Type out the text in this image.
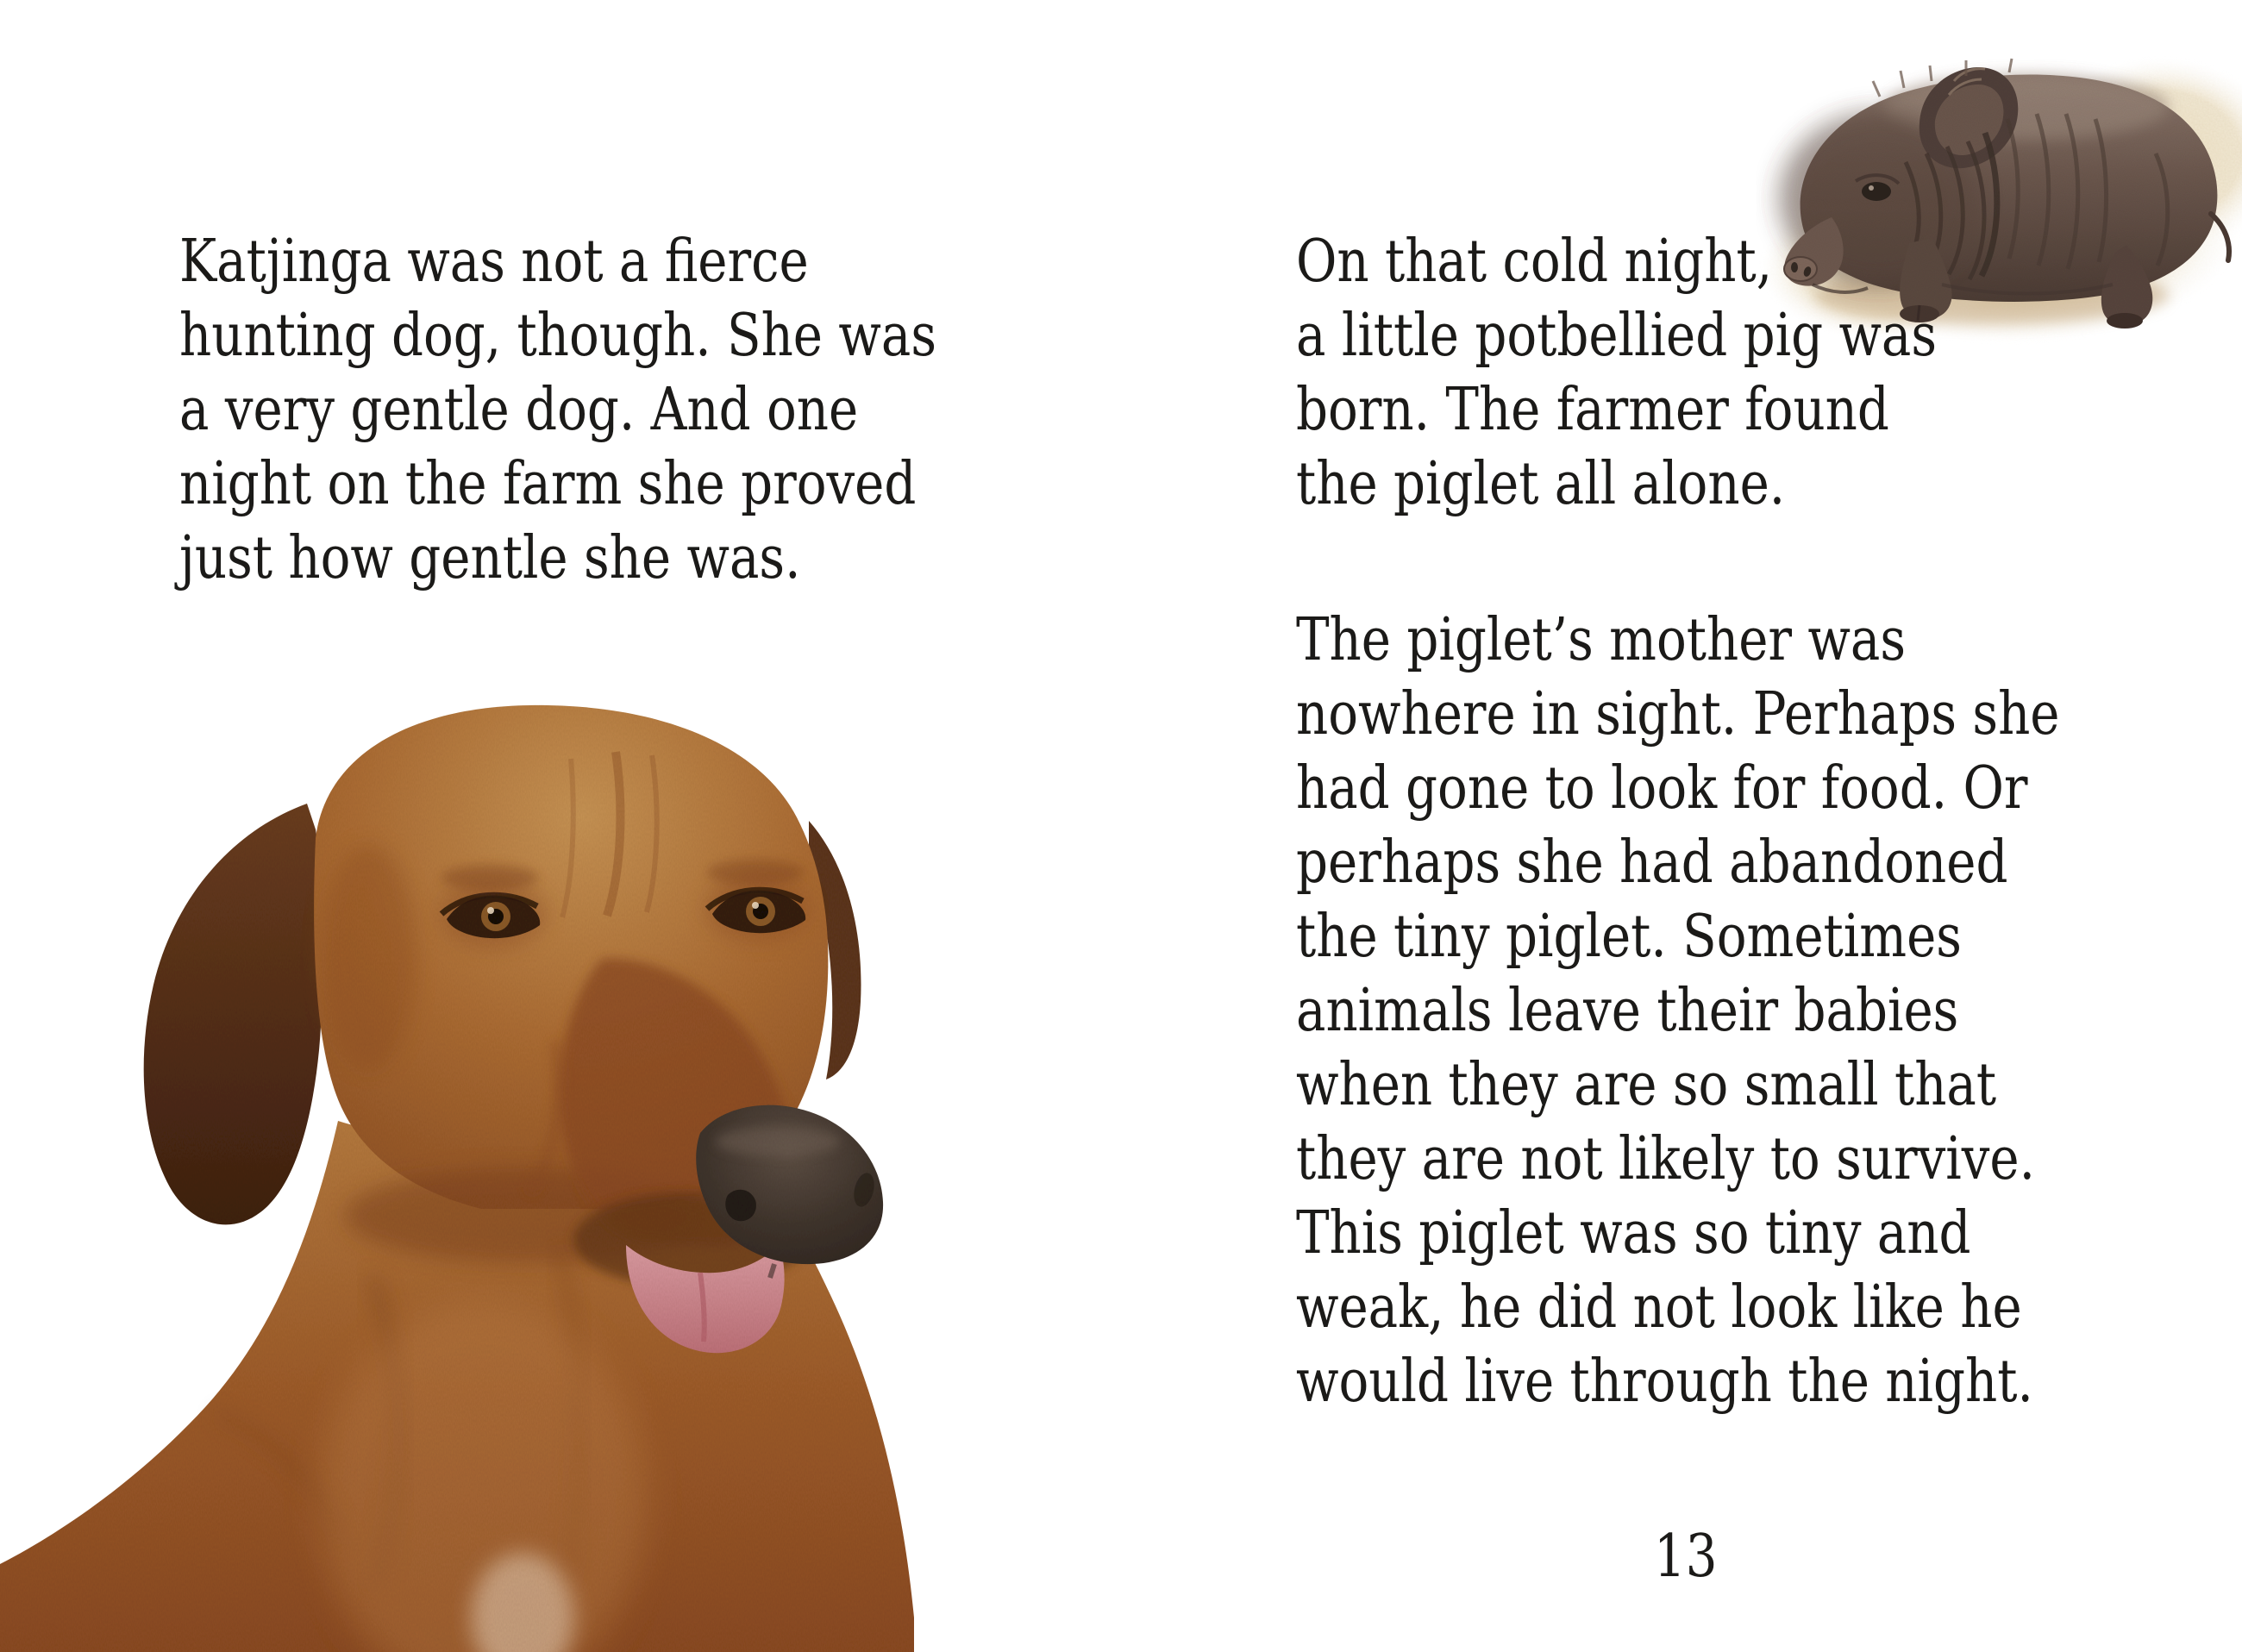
Katjinga was not a fierce
hunting dog, though. She was
a very gentle dog. And one
night on the farm she proved
just how gentle she was.
On that cold night,
a little potbellied pig was
born. The farmer found
the piglet all alone.
The piglet’s mother was
nowhere in sight. Perhaps she
had gone to look for food. Or
perhaps she had abandoned
the tiny piglet. Sometimes
animals leave their babies
when they are so small that
they are not likely to survive.
This piglet was so tiny and
weak, he did not look like he
would live through the night.
13
